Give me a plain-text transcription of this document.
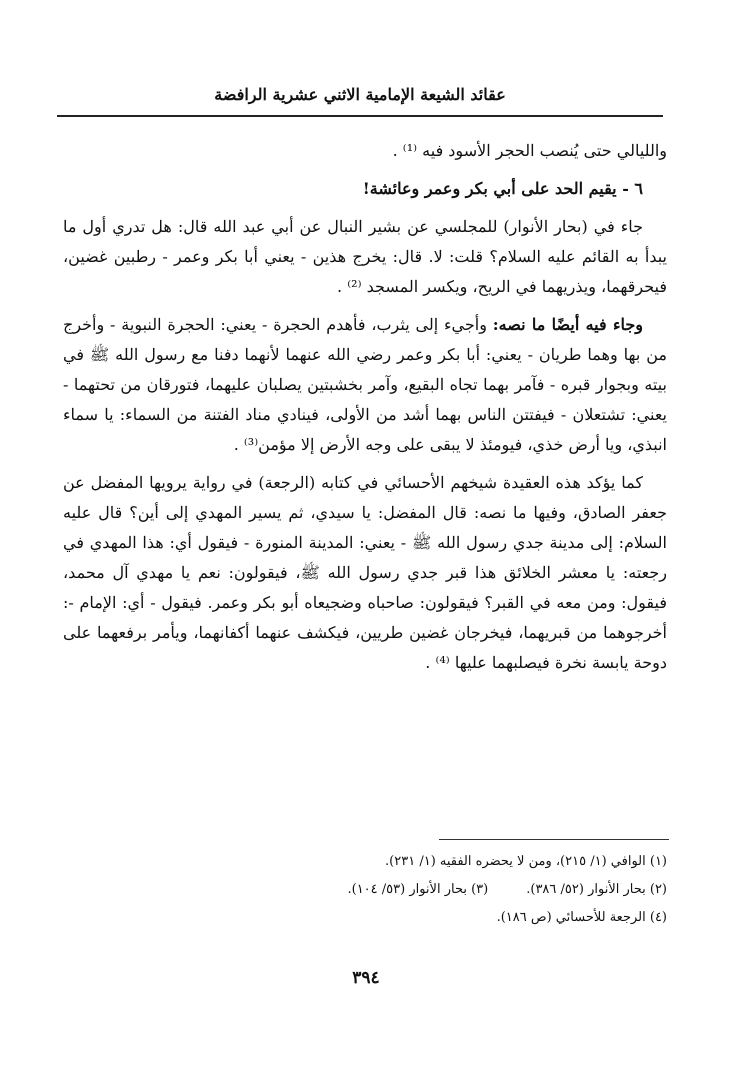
عقائد الشيعة الإمامية الاثني عشرية الرافضة

والليالي حتى يُنصب الحجر الأسود فيه ⁽¹⁾ .

٦ - يقيم الحد على أبي بكر وعمر وعائشة!

جاء في (بحار الأنوار) للمجلسي عن بشير النبال عن أبي عبد الله قال: هل تدري أول ما يبدأ به القائم عليه السلام؟ قلت: لا. قال: يخرج هذين - يعني أبا بكر وعمر - رطبين غضين، فيحرقهما، ويذريهما في الريح، ويكسر المسجد ⁽²⁾ .

وجاء فيه أيضًا ما نصه: وأجيء إلى يثرب، فأهدم الحجرة - يعني: الحجرة النبوية - وأخرج من بها وهما طريان - يعني: أبا بكر وعمر رضي الله عنهما لأنهما دفنا مع رسول الله ﷺ في بيته وبجوار قبره - فآمر بهما تجاه البقيع، وآمر بخشبتين يصلبان عليهما، فتورقان من تحتهما - يعني: تشتعلان - فيفتتن الناس بهما أشد من الأولى، فينادي مناد الفتنة من السماء: يا سماء انبذي، ويا أرض خذي، فيومئذ لا يبقى على وجه الأرض إلا مؤمن⁽³⁾ .

كما يؤكد هذه العقيدة شيخهم الأحسائي في كتابه (الرجعة) في رواية يرويها المفضل عن جعفر الصادق، وفيها ما نصه: قال المفضل: يا سيدي، ثم يسير المهدي إلى أين؟ قال عليه السلام: إلى مدينة جدي رسول الله ﷺ - يعني: المدينة المنورة - فيقول أي: هذا المهدي في رجعته: يا معشر الخلائق هذا قبر جدي رسول الله ﷺ، فيقولون: نعم يا مهدي آل محمد، فيقول: ومن معه في القبر؟ فيقولون: صاحباه وضجيعاه أبو بكر وعمر. فيقول - أي: الإمام -: أخرجوهما من قبريهما، فيخرجان غضين طريين، فيكشف عنهما أكفانهما، ويأمر برفعهما على دوحة يابسة نخرة فيصلبهما عليها ⁽⁴⁾ .

(١) الوافي (١/ ٢١٥)، ومن لا يحضره الفقيه (١/ ٢٣١).
(٢) بحار الأنوار (٥٢/ ٣٨٦).(٣) بحار الأنوار (٥٣/ ١٠٤).
(٤) الرجعة للأحسائي (ص ١٨٦).
٣٩٤
